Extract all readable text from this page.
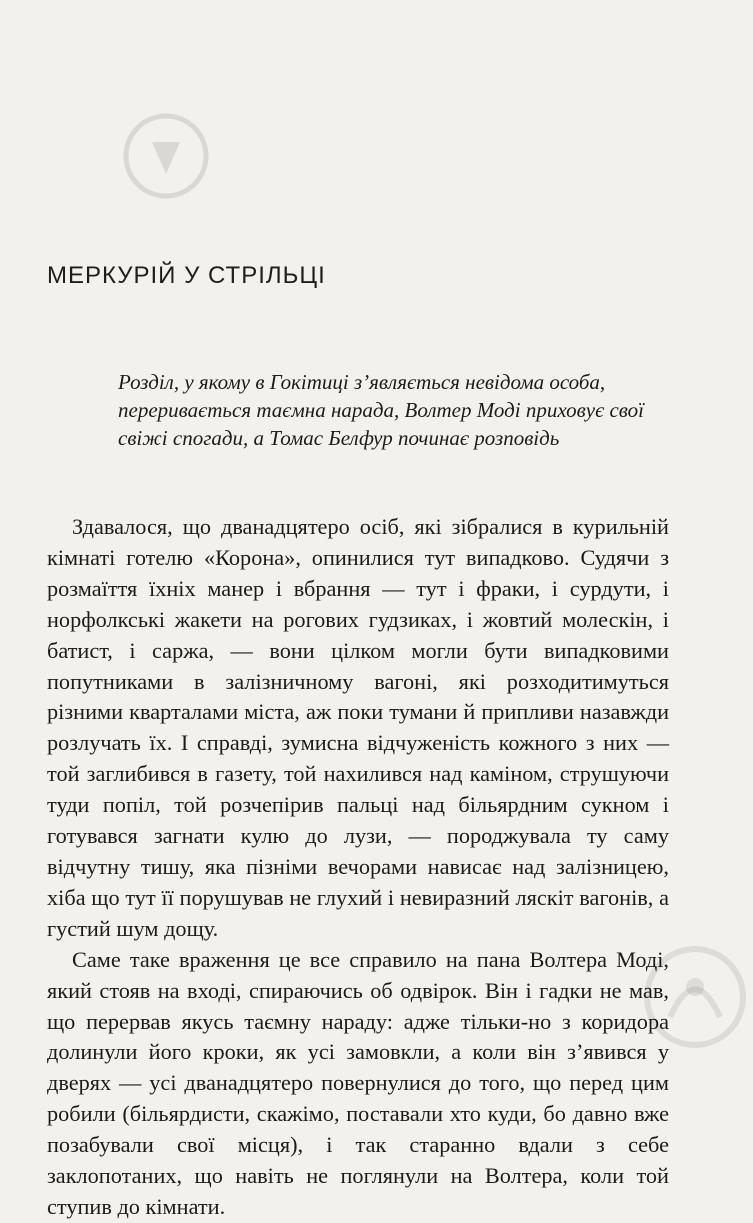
МЕРКУРІЙ У СТРІЛЬЦІ

Розділ, у якому в Гокітиці з’являється невідома особа, переривається таємна нарада, Волтер Моді приховує свої свіжі спогади, а Томас Белфур починає розповідь

Здавалося, що дванадцятеро осіб, які зібралися в курильній кімнаті готелю «Корона», опинилися тут випадково. Судячи з розмаїття їхніх манер і вбрання — тут і фраки, і сурдути, і норфолкські жакети на рогових гудзиках, і жовтий молескін, і батист, і саржа, — вони цілком могли бути випадковими попутниками в залізничному вагоні, які розходитимуться різними кварталами міста, аж поки тумани й припливи назавжди розлучать їх. І справді, зумисна відчуженість кожного з них — той заглибився в газету, той нахилився над каміном, струшуючи туди попіл, той розчепірив пальці над більярдним сукном і готувався загнати кулю до лузи, — породжувала ту саму відчутну тишу, яка пізніми вечорами нависає над залізницею, хіба що тут її порушував не глухий і невиразний ляскіт вагонів, а густий шум дощу.

Саме таке враження це все справило на пана Волтера Моді, який стояв на вході, спираючись об одвірок. Він і гадки не мав, що перервав якусь таємну нараду: адже тільки-но з коридора долинули його кроки, як усі замовкли, а коли він з’явився у дверях — усі дванадцятеро повернулися до того, що перед цим робили (більярдисти, скажімо, поставали хто куди, бо давно вже позабували свої місця), і так старанно вдали з себе заклопотаних, що навіть не поглянули на Волтера, коли той ступив до кімнати.
